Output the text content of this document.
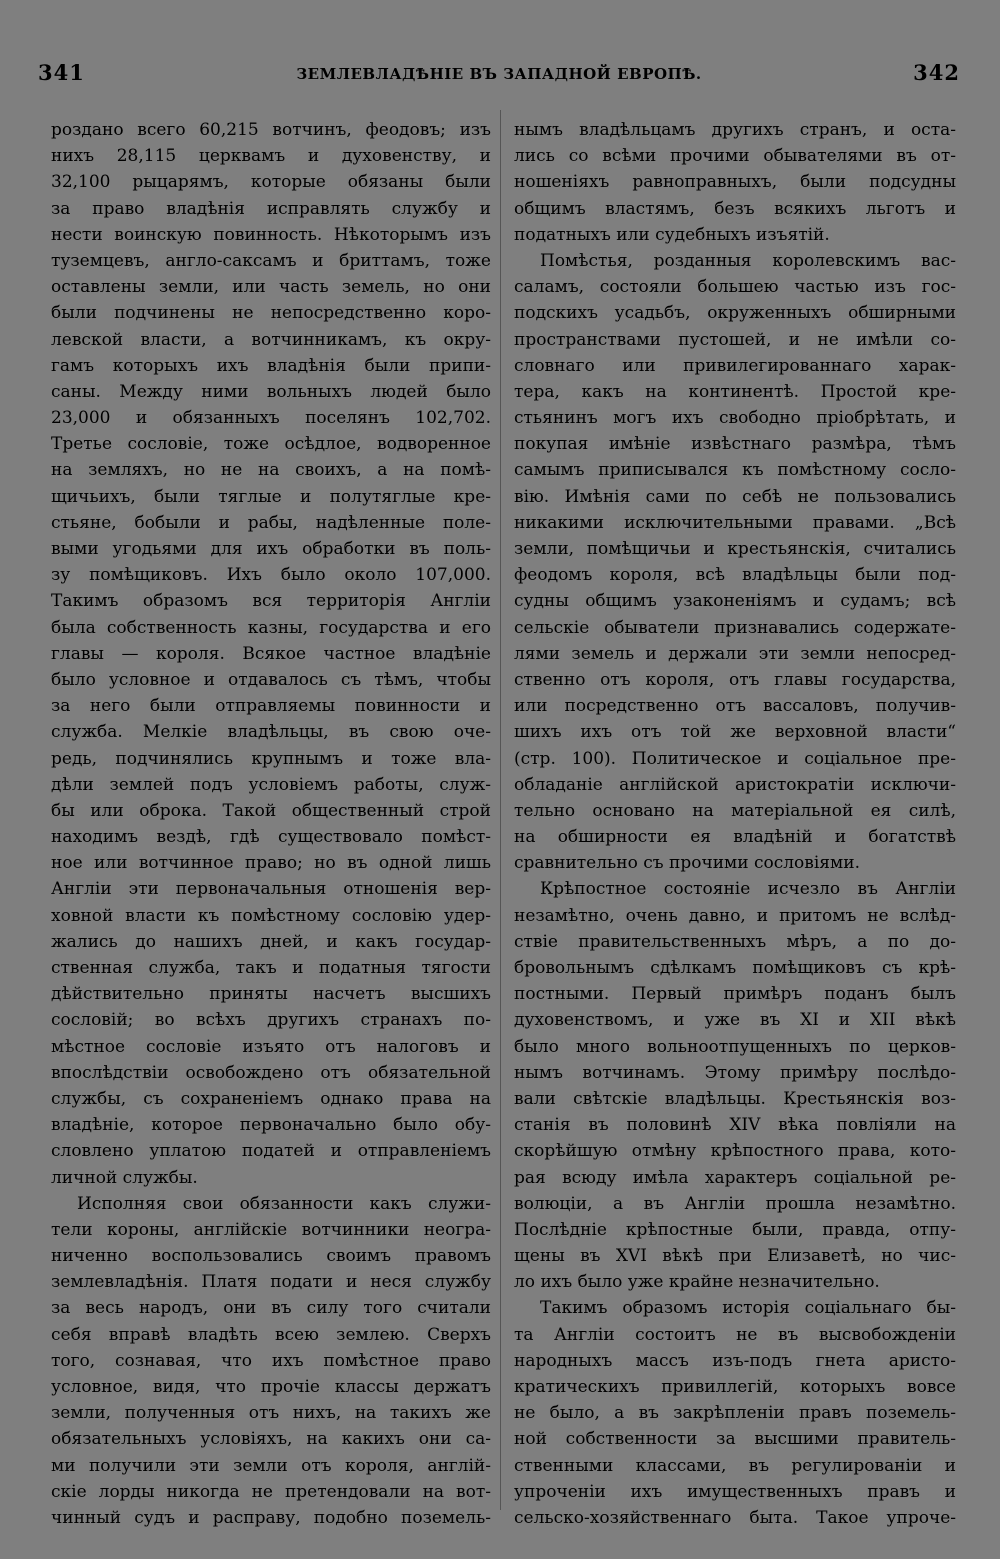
341	ЗЕМЛЕВЛАДѢНІЕ ВЪ ЗАПАДНОЙ ЕВРОПѢ.	342
роздано всего 60,215 вотчинъ, феодовъ; изъ
нихъ 28,115 церквамъ и духовенству, и
32,100 рыцарямъ, которые обязаны были
за право владѣнія исправлять службу и
нести воинскую повинность. Нѣкоторымъ изъ
туземцевъ, англо-саксамъ и бриттамъ, тоже
оставлены земли, или часть земель, но они
были подчинены не непосредственно коро-
левской власти, а вотчинникамъ, къ окру-
гамъ которыхъ ихъ владѣнія были припи-
саны. Между ними вольныхъ людей было
23,000 и обязанныхъ поселянъ 102,702.
Третье сословіе, тоже осѣдлое, водворенное
на земляхъ, но не на своихъ, а на помѣ-
щичьихъ, были тяглые и полутяглые кре-
стьяне, бобыли и рабы, надѣленные поле-
выми угодьями для ихъ обработки въ поль-
зу помѣщиковъ. Ихъ было около 107,000.
Такимъ образомъ вся территорія Англіи
была собственность казны, государства и его
главы — короля. Всякое частное владѣніе
было условное и отдавалось съ тѣмъ, чтобы
за него были отправляемы повинности и
служба. Мелкіе владѣльцы, въ свою оче-
редь, подчинялись крупнымъ и тоже вла-
дѣли землей подъ условіемъ работы, служ-
бы или оброка. Такой общественный строй
находимъ вездѣ, гдѣ существовало помѣст-
ное или вотчинное право; но въ одной лишь
Англіи эти первоначальныя отношенія вер-
ховной власти къ помѣстному сословію удер-
жались до нашихъ дней, и какъ государ-
ственная служба, такъ и податныя тягости
дѣйствительно приняты насчетъ высшихъ
сословій; во всѣхъ другихъ странахъ по-
мѣстное сословіе изъято отъ налоговъ и
впослѣдствіи освобождено отъ обязательной
службы, съ сохраненіемъ однако права на
владѣніе, которое первоначально было обу-
словлено уплатою податей и отправленіемъ
личной службы.
Исполняя свои обязанности какъ служи-
тели короны, англійскіе вотчинники неогра-
ниченно воспользовались своимъ правомъ
землевладѣнія. Платя подати и неся службу
за весь народъ, они въ силу того считали
себя вправѣ владѣть всею землею. Сверхъ
того, сознавая, что ихъ помѣстное право
условное, видя, что прочіе классы держатъ
земли, полученныя отъ нихъ, на такихъ же
обязательныхъ условіяхъ, на какихъ они са-
ми получили эти земли отъ короля, англій-
скіе лорды никогда не претендовали на вот-
чинный судъ и расправу, подобно поземель-
нымъ владѣльцамъ другихъ странъ, и оста-
лись со всѣми прочими обывателями въ от-
ношеніяхъ равноправныхъ, были подсудны
общимъ властямъ, безъ всякихъ льготъ и
податныхъ или судебныхъ изъятій.
Помѣстья, розданныя королевскимъ вас-
саламъ, состояли большею частью изъ гос-
подскихъ усадьбъ, окруженныхъ обширными
пространствами пустошей, и не имѣли со-
словнаго или привилегированнаго харак-
тера, какъ на континентѣ. Простой кре-
стьянинъ могъ ихъ свободно пріобрѣтать, и
покупая имѣніе извѣстнаго размѣра, тѣмъ
самымъ приписывался къ помѣстному сосло-
вію. Имѣнія сами по себѣ не пользовались
никакими исключительными правами. „Всѣ
земли, помѣщичьи и крестьянскія, считались
феодомъ короля, всѣ владѣльцы были под-
судны общимъ узаконеніямъ и судамъ; всѣ
сельскіе обыватели признавались содержате-
лями земель и держали эти земли непосред-
ственно отъ короля, отъ главы государства,
или посредственно отъ вассаловъ, получив-
шихъ ихъ отъ той же верховной власти“
(стр. 100). Политическое и соціальное пре-
обладаніе англійской аристократіи исключи-
тельно основано на матеріальной ея силѣ,
на обширности ея владѣній и богатствѣ
сравнительно съ прочими сословіями.
Крѣпостное состояніе исчезло въ Англіи
незамѣтно, очень давно, и притомъ не вслѣд-
ствіе правительственныхъ мѣръ, а по до-
бровольнымъ сдѣлкамъ помѣщиковъ съ крѣ-
постными. Первый примѣръ поданъ былъ
духовенствомъ, и уже въ XI и XII вѣкѣ
было много вольноотпущенныхъ по церков-
нымъ вотчинамъ. Этому примѣру послѣдо-
вали свѣтскіе владѣльцы. Крестьянскія воз-
станія въ половинѣ XIV вѣка повліяли на
скорѣйшую отмѣну крѣпостного права, кото-
рая всюду имѣла характеръ соціальной ре-
волюціи, а въ Англіи прошла незамѣтно.
Послѣдніе крѣпостные были, правда, отпу-
щены въ XVI вѣкѣ при Елизаветѣ, но чис-
ло ихъ было уже крайне незначительно.
Такимъ образомъ исторія соціальнаго бы-
та Англіи состоитъ не въ высвобожденіи
народныхъ массъ изъ-подъ гнета аристо-
кратическихъ привиллегій, которыхъ вовсе
не было, а въ закрѣпленіи правъ поземель-
ной собственности за высшими правитель-
ственными классами, въ регулированіи и
упроченіи ихъ имущественныхъ правъ и
сельско-хозяйственнаго быта. Такое упроче-
